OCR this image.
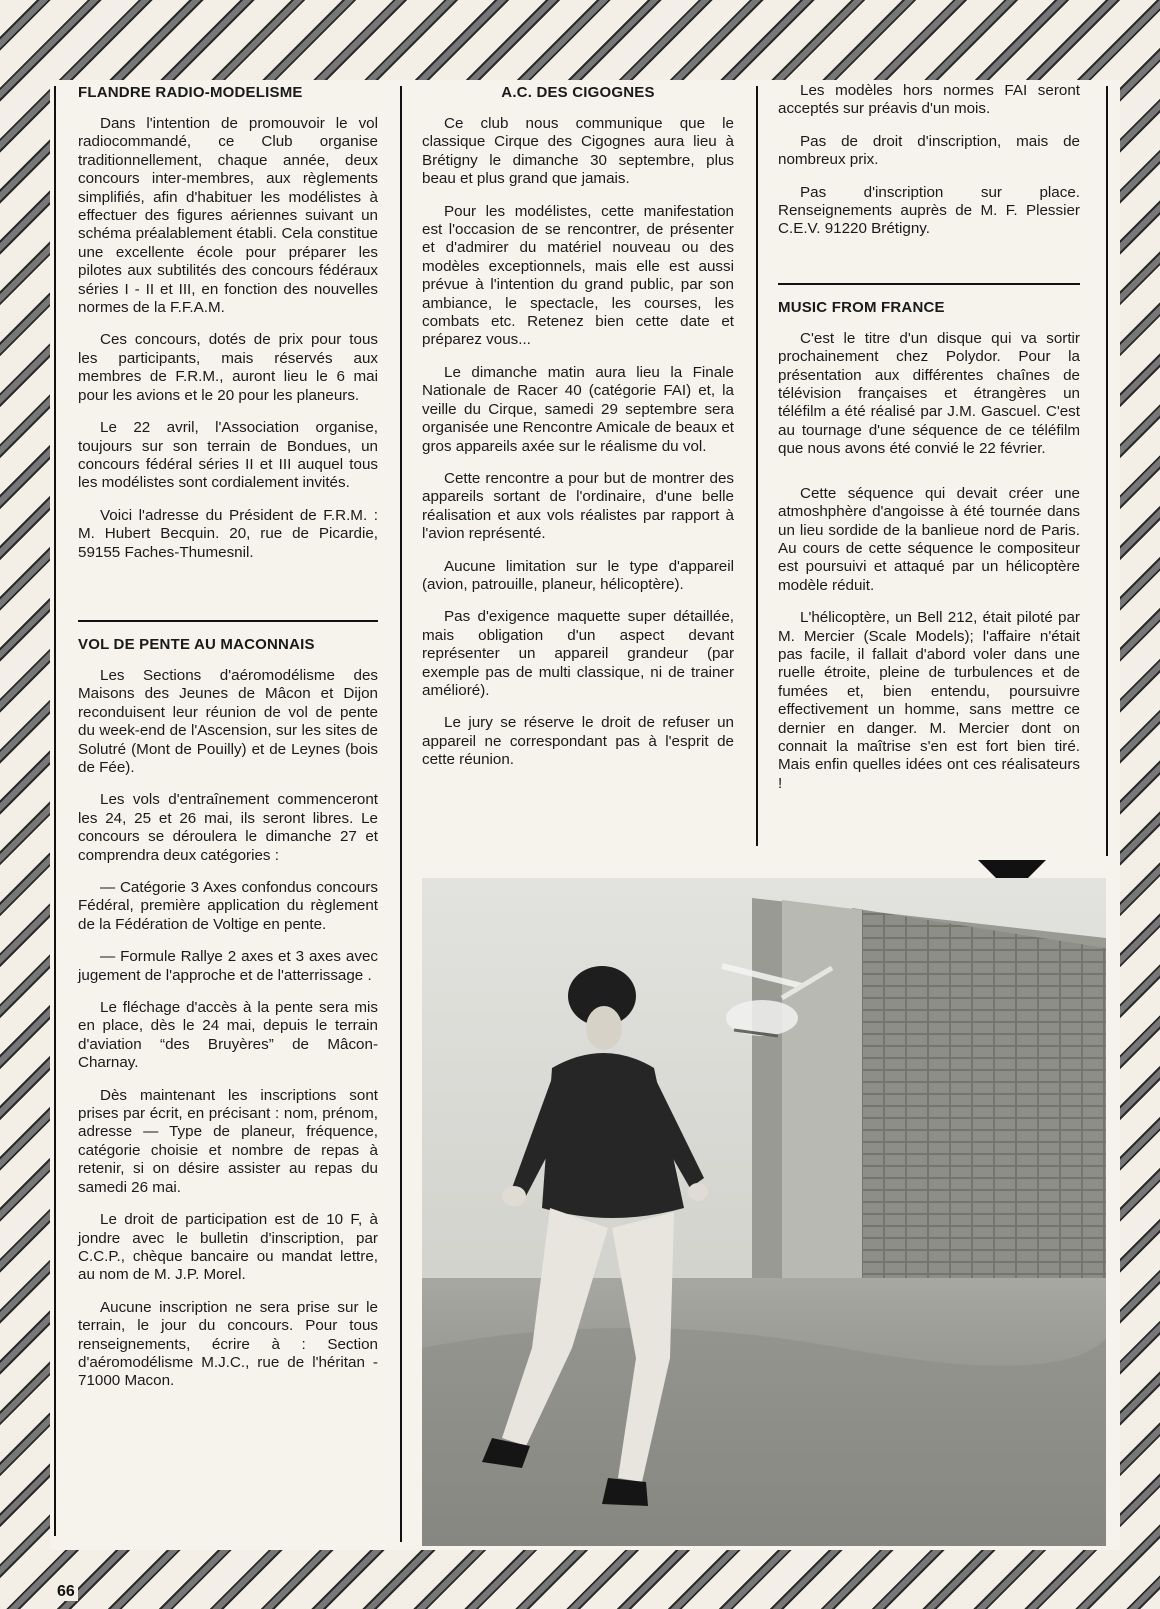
FLANDRE RADIO-MODELISME

Dans l'intention de promouvoir le vol radiocommandé, ce Club organise traditionnellement, chaque année, deux concours inter-membres, aux règlements simplifiés, afin d'habituer les modélistes à effectuer des figures aériennes suivant un schéma préalablement établi. Cela constitue une excellente école pour préparer les pilotes aux subtilités des concours fédéraux séries I - II et III, en fonction des nouvelles normes de la F.F.A.M.

Ces concours, dotés de prix pour tous les participants, mais réservés aux membres de F.R.M., auront lieu le 6 mai pour les avions et le 20 pour les planeurs.

Le 22 avril, l'Association organise, toujours sur son terrain de Bondues, un concours fédéral séries II et III auquel tous les modélistes sont cordialement invités.

Voici l'adresse du Président de F.R.M. : M. Hubert Becquin. 20, rue de Picardie, 59155 Faches-Thumesnil.

VOL DE PENTE AU MACONNAIS

Les Sections d'aéromodélisme des Maisons des Jeunes de Mâcon et Dijon reconduisent leur réunion de vol de pente du week-end de l'Ascension, sur les sites de Solutré (Mont de Pouilly) et de Leynes (bois de Fée).

Les vols d'entraînement commenceront les 24, 25 et 26 mai, ils seront libres. Le concours se déroulera le dimanche 27 et comprendra deux catégories :

— Catégorie 3 Axes confondus concours Fédéral, première application du règlement de la Fédération de Voltige en pente.

— Formule Rallye 2 axes et 3 axes avec jugement de l'approche et de l'atterrissage .

Le fléchage d'accès à la pente sera mis en place, dès le 24 mai, depuis le terrain d'aviation “des Bruyères” de Mâcon-Charnay.

Dès maintenant les inscriptions sont prises par écrit, en précisant : nom, prénom, adresse — Type de planeur, fréquence, catégorie choisie et nombre de repas à retenir, si on désire assister au repas du samedi 26 mai.

Le droit de participation est de 10 F, à jondre avec le bulletin d'inscription, par C.C.P., chèque bancaire ou mandat lettre, au nom de M. J.P. Morel.

Aucune inscription ne sera prise sur le terrain, le jour du concours. Pour tous renseignements, écrire à : Section d'aéromodélisme M.J.C., rue de l'héritan - 71000 Macon.

A.C. DES CIGOGNES

Ce club nous communique que le classique Cirque des Cigognes aura lieu à Brétigny le dimanche 30 septembre, plus beau et plus grand que jamais.

Pour les modélistes, cette manifestation est l'occasion de se rencontrer, de présenter et d'admirer du matériel nouveau ou des modèles exceptionnels, mais elle est aussi prévue à l'intention du grand public, par son ambiance, le spectacle, les courses, les combats etc. Retenez bien cette date et préparez vous...

Le dimanche matin aura lieu la Finale Nationale de Racer 40 (catégorie FAI) et, la veille du Cirque, samedi 29 septembre sera organisée une Rencontre Amicale de beaux et gros appareils axée sur le réalisme du vol.

Cette rencontre a pour but de montrer des appareils sortant de l'ordinaire, d'une belle réalisation et aux vols réalistes par rapport à l'avion représenté.

Aucune limitation sur le type d'appareil (avion, patrouille, planeur, hélicoptère).

Pas d'exigence maquette super détaillée, mais obligation d'un aspect devant représenter un appareil grandeur (par exemple pas de multi classique, ni de trainer amélioré).

Le jury se réserve le droit de refuser un appareil ne correspondant pas à l'esprit de cette réunion.

Les modèles hors normes FAI seront acceptés sur préavis d'un mois.

Pas de droit d'inscription, mais de nombreux prix.

Pas d'inscription sur place. Renseignements auprès de M. F. Plessier C.E.V. 91220 Brétigny.

MUSIC FROM FRANCE

C'est le titre d'un disque qui va sortir prochainement chez Polydor. Pour la présentation aux différentes chaînes de télévision françaises et étrangères un téléfilm a été réalisé par J.M. Gascuel. C'est au tournage d'une séquence de ce téléfilm que nous avons été convié le 22 février.

Cette séquence qui devait créer une atmoshphère d'angoisse à été tournée dans un lieu sordide de la banlieue nord de Paris. Au cours de cette séquence le compositeur est poursuivi et attaqué par un hélicoptère modèle réduit.

L'hélicoptère, un Bell 212, était piloté par M. Mercier (Scale Models); l'affaire n'était pas facile, il fallait d'abord voler dans une ruelle étroite, pleine de turbulences et de fumées et, bien entendu, poursuivre effectivement un homme, sans mettre ce dernier en danger. M. Mercier dont on connait la maîtrise s'en est fort bien tiré. Mais enfin quelles idées ont ces réalisateurs !

66
